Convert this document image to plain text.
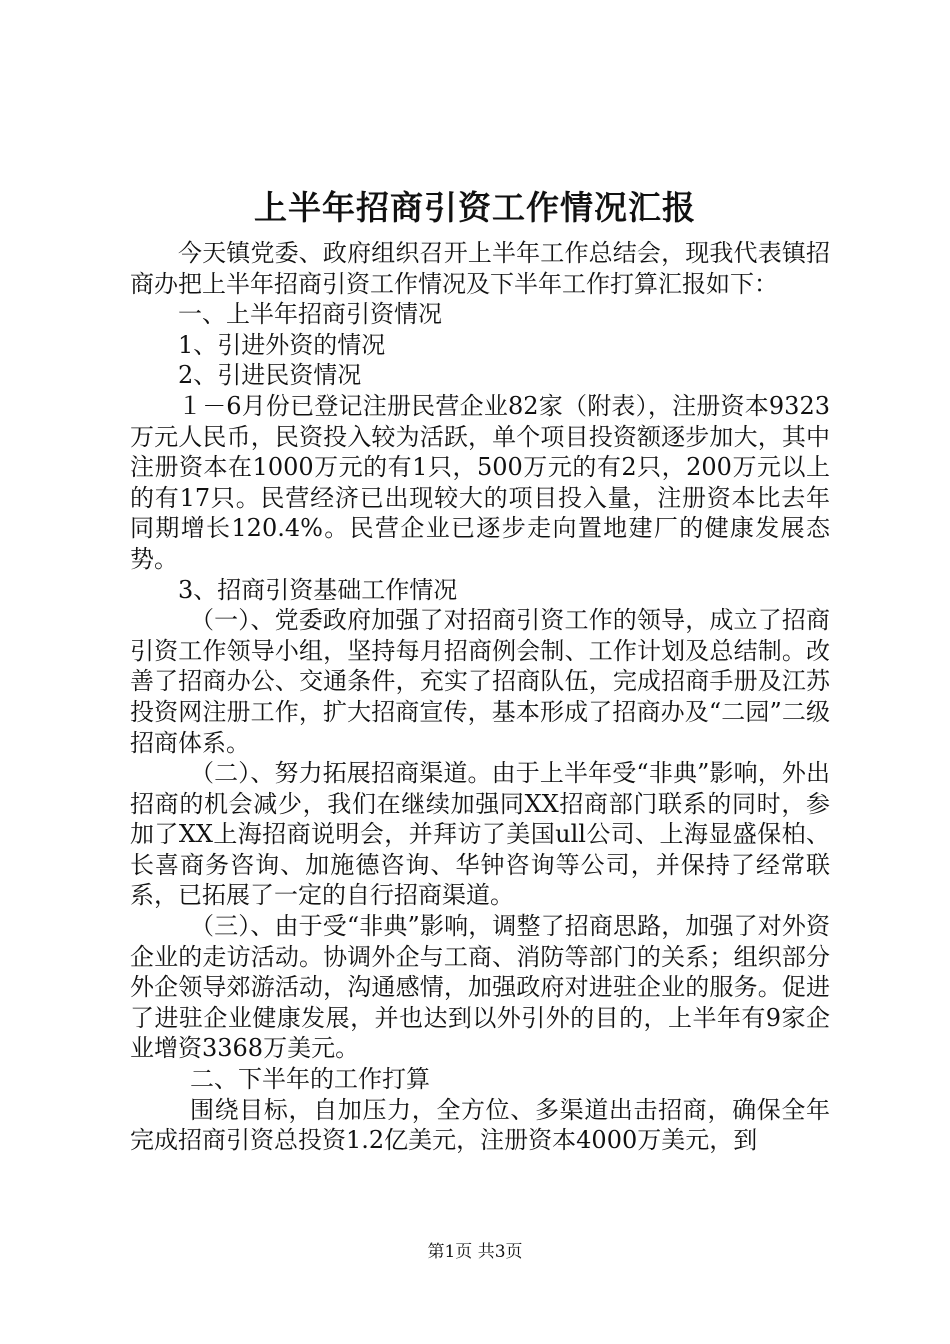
上半年招商引资工作情况汇报

今天镇党委、政府组织召开上半年工作总结会，现我代表镇招商办把上半年招商引资工作情况及下半年工作打算汇报如下：

一、上半年招商引资情况

1、引进外资的情况

2、引进民资情况

１－6月份已登记注册民营企业82家（附表），注册资本9323万元人民币，民资投入较为活跃，单个项目投资额逐步加大，其中注册资本在1000万元的有1只，500万元的有2只，200万元以上的有17只。民营经济已出现较大的项目投入量，注册资本比去年同期增长120.4%。民营企业已逐步走向置地建厂的健康发展态势。

3、招商引资基础工作情况

（一）、党委政府加强了对招商引资工作的领导，成立了招商引资工作领导小组，坚持每月招商例会制、工作计划及总结制。改善了招商办公、交通条件，充实了招商队伍，完成招商手册及江苏投资网注册工作，扩大招商宣传，基本形成了招商办及“二园”二级招商体系。

（二）、努力拓展招商渠道。由于上半年受“非典”影响，外出招商的机会减少，我们在继续加强同XX招商部门联系的同时，参加了XX上海招商说明会，并拜访了美国ull公司、上海显盛保柏、长喜商务咨询、加施德咨询、华钟咨询等公司，并保持了经常联系，已拓展了一定的自行招商渠道。

（三）、由于受“非典”影响，调整了招商思路，加强了对外资企业的走访活动。协调外企与工商、消防等部门的关系；组织部分外企领导郊游活动，沟通感情，加强政府对进驻企业的服务。促进了进驻企业健康发展，并也达到以外引外的目的，上半年有9家企业增资3368万美元。

二、下半年的工作打算

围绕目标，自加压力，全方位、多渠道出击招商，确保全年完成招商引资总投资1.2亿美元，注册资本4000万美元，到

第1页 共3页
